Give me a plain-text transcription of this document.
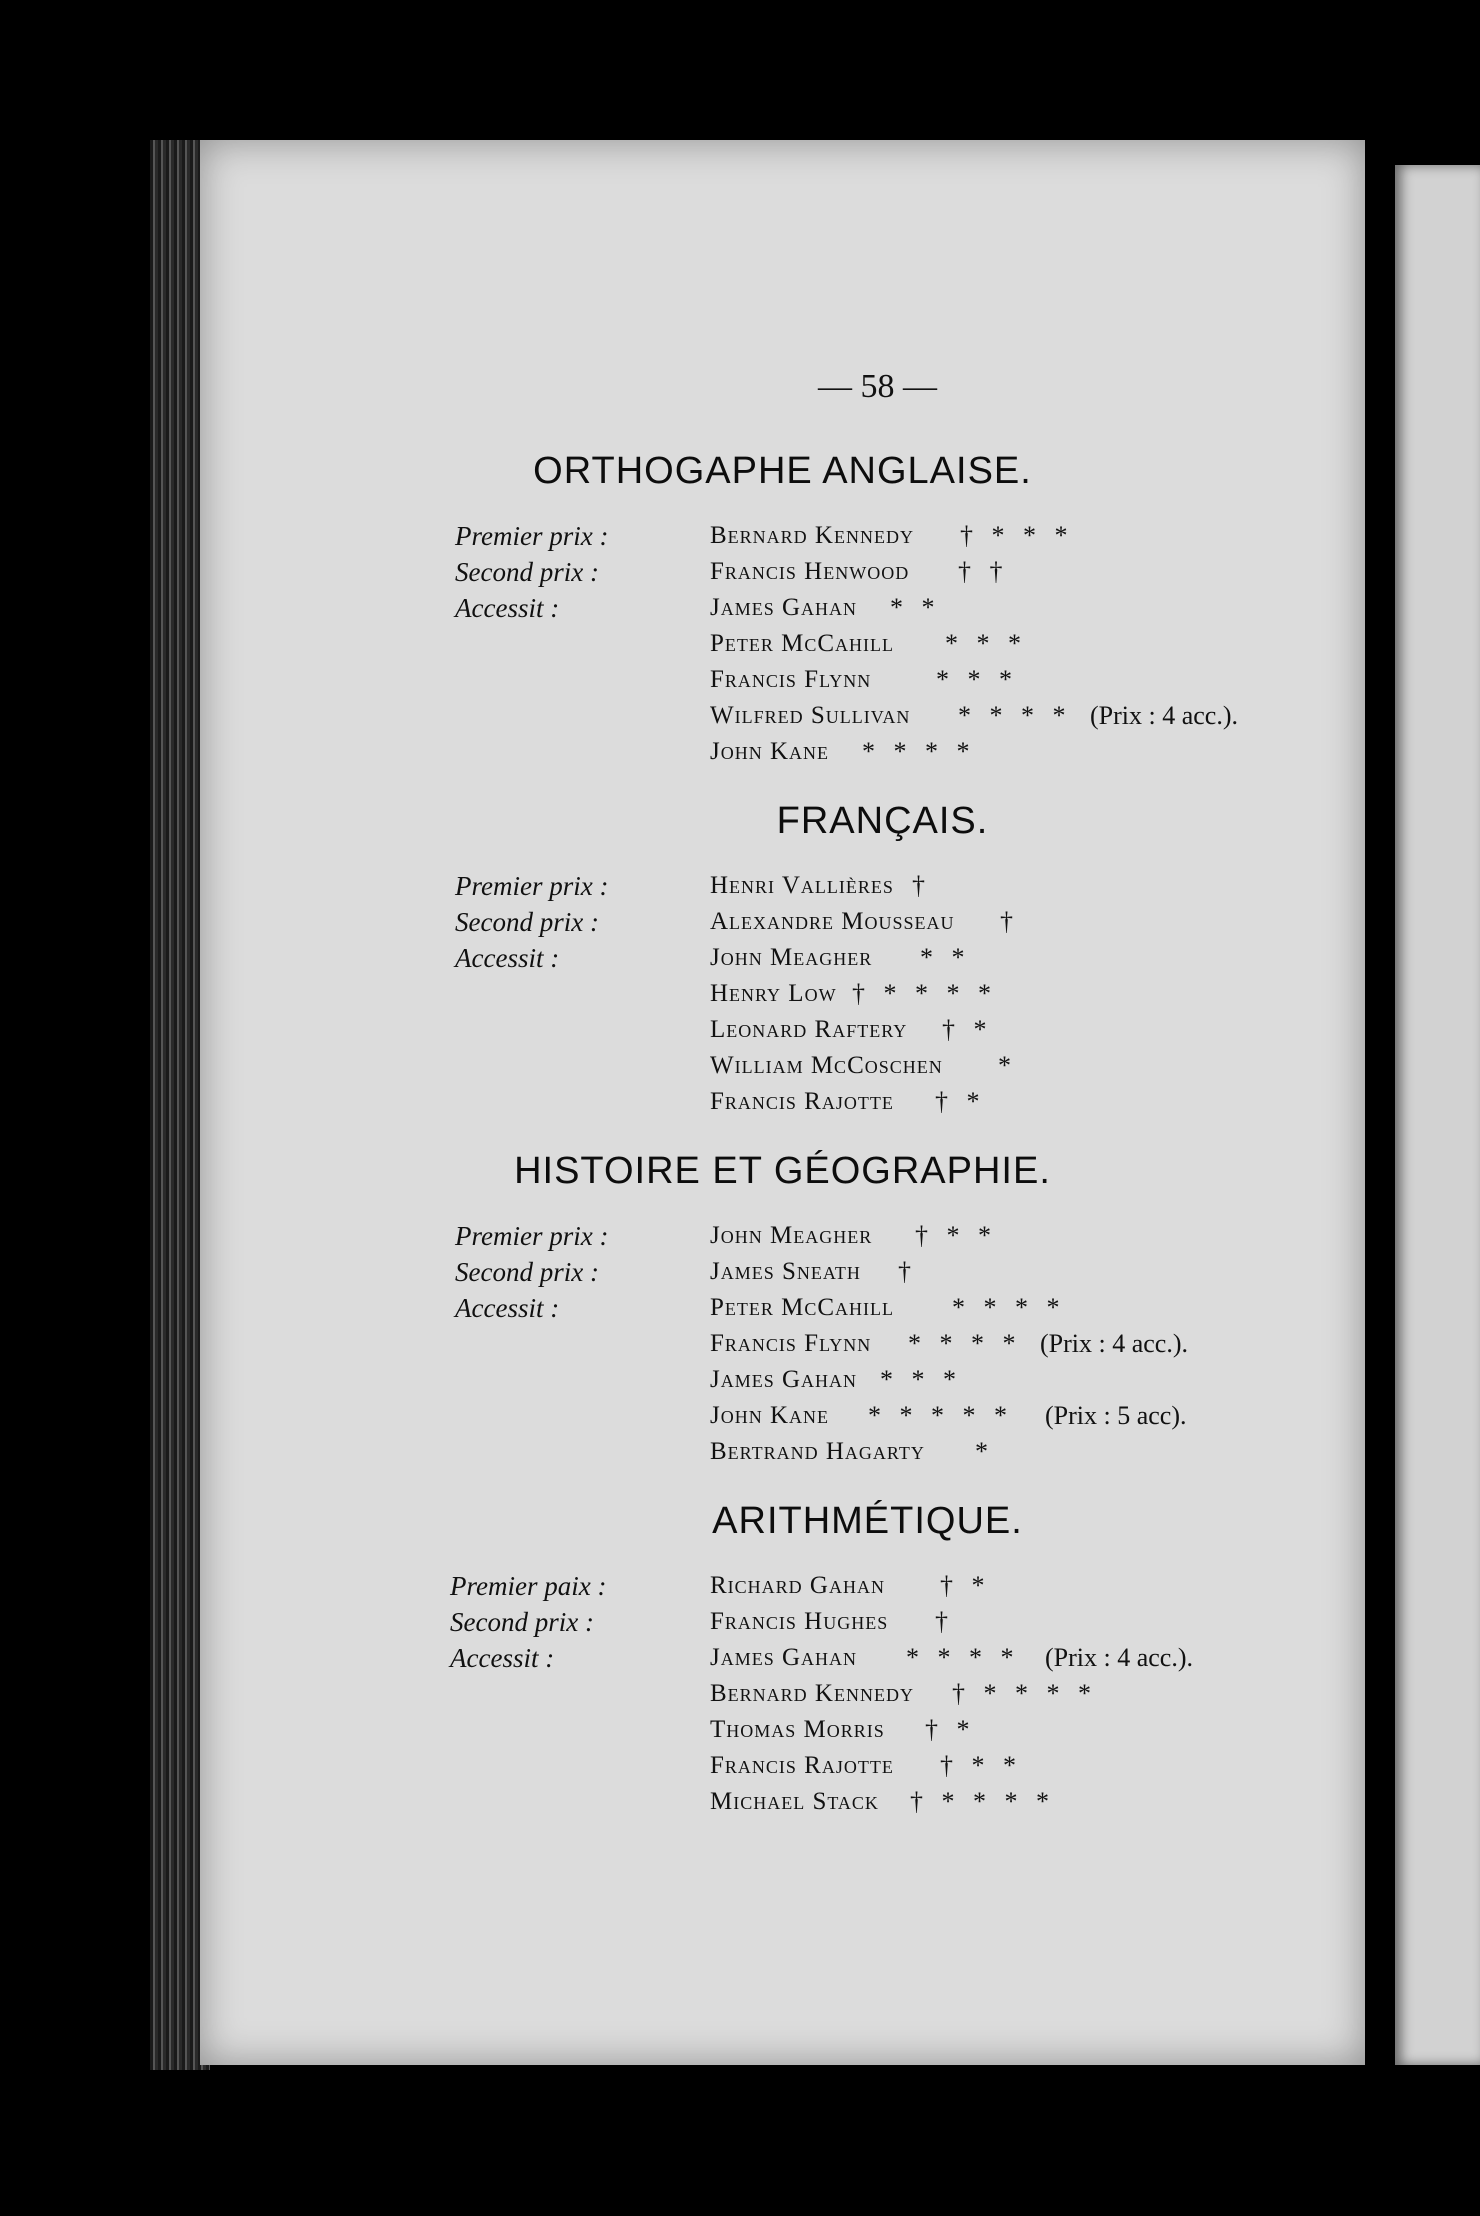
— 58 —
ORTHOGAPHE ANGLAISE.
Premier prix :	Bernard Kennedy † * * *
Second prix :	Francis Henwood † †
Accessit :	James Gahan * *
Peter McCahill * * *
Francis Flynn * * *
Wilfred Sullivan * * * * (Prix : 4 acc.).
John Kane * * * *
FRANÇAIS.
Premier prix :	Henri Vallières †
Second prix :	Alexandre Mousseau †
Accessit :	John Meagher * *
Henry Low † * * * *
Leonard Raftery † *
William McCoschen *
Francis Rajotte † *
HISTOIRE ET GÉOGRAPHIE.
Premier prix :	John Meagher † * *
Second prix :	James Sneath †
Accessit :	Peter McCahill * * * *
Francis Flynn * * * * (Prix : 4 acc.).
James Gahan * * *
John Kane * * * * * (Prix : 5 acc).
Bertrand Hagarty *
ARITHMÉTIQUE.
Premier paix :	Richard Gahan † *
Second prix :	Francis Hughes †
Accessit :	James Gahan * * * * (Prix : 4 acc.).
Bernard Kennedy † * * * *
Thomas Morris † *
Francis Rajotte † * *
Michael Stack † * * * *
